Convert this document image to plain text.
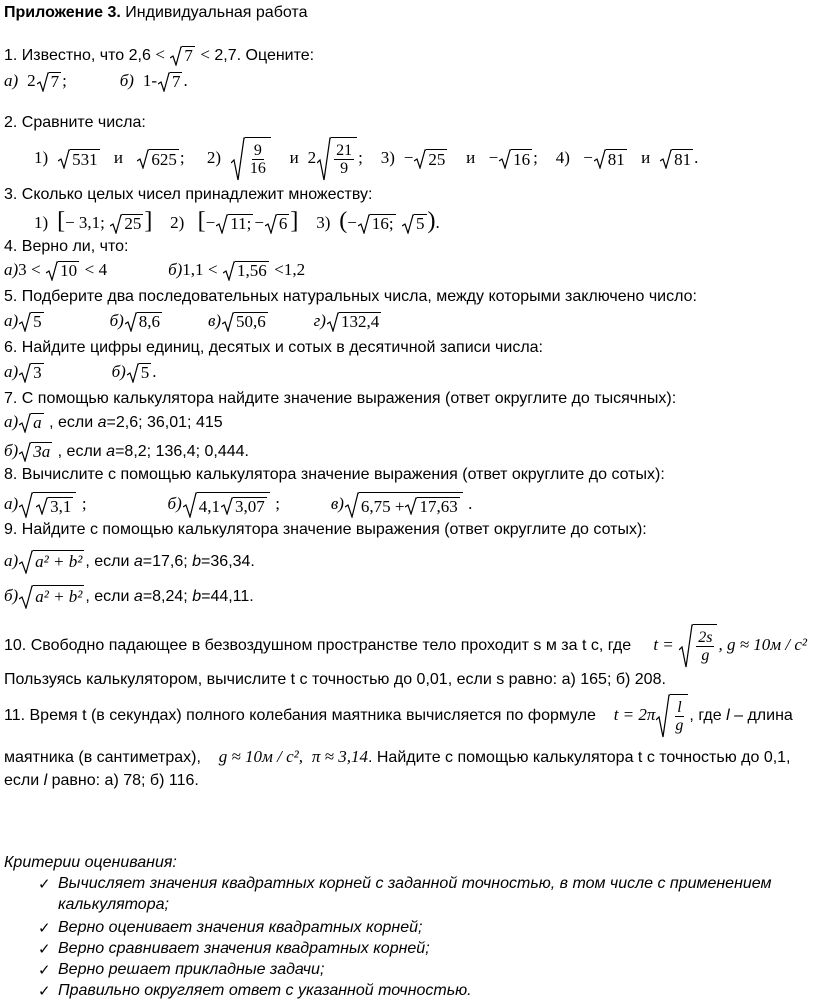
Приложение 3. Индивидуальная работа
1. Известно, что 2,6 < 7 < 2,7. Оцените:
а) 2 7 ;	б) 1- 7 .
2. Сравните числа:
1) 531 и 625 ; $2) \frac{9}{16}$ и 2 21
9
; 3) − 25 и − 16 ; 4) − 81 и 81 .
3. Сколько целых чисел принадлежит множеству:
1) [− 3,1; 25 ] 2) [− 11; − 6 ] 3) (− 16;
5 ).
4. Верно ли, что:
а)3 < 10 < 4	б)1,1 < 1,56 <1,2
5. Подберите два последовательных натуральных числа, между которыми заключено число:
а) 5	б) 8,6	в) 50,6	г) 132,4
6. Найдите цифры единиц, десятых и сотых в десятичной записи числа:
а) 3	б) 5 .
7. С помощью калькулятора найдите значение выражения (ответ округлите до тысячных):
а) a , если а=2,6; 36,01; 415
б) 3a , если а=8,2; 136,4; 0,444.
8. Вычислите с помощью калькулятора значение выражения (ответ округлите до сотых):
а) 3,1 ;	б) 4,1 3,07 ;	в) 6,75 + 17,63 .
9. Найдите с помощью калькулятора значение выражения (ответ округлите до сотых):
а) a² + b² , если а=17,6; b=36,34.
б) a² + b² , если а=8,24; b=44,11.
10. Свободно падающее в безвоздушном пространстве тело проходит s м за t с, где $t = \frac{2s}{g}$ , g ≈ 10м / с²
Пользуясь калькулятором, вычислите t с точностью до 0,01, если s равно: а) 165; б) 208.
11. Время t (в секундах) полного колебания маятника вычисляется по формуле $t = 2\pi \frac{l}{g}$ , где l – длина
маятника (в сантиметрах), g ≈ 10м / с², π ≈ 3,14. Найдите с помощью калькулятора t с точностью до 0,1,
если l равно: а) 78; б) 116.
Критерии оценивания:
✓ Вычисляет значения квадратных корней с заданной точностью, в том числе с применением
калькулятора;
✓ Верно оценивает значения квадратных корней;
✓ Верно сравнивает значения квадратных корней;
✓ Верно решает прикладные задачи;
✓ Правильно округляет ответ с указанной точностью.
